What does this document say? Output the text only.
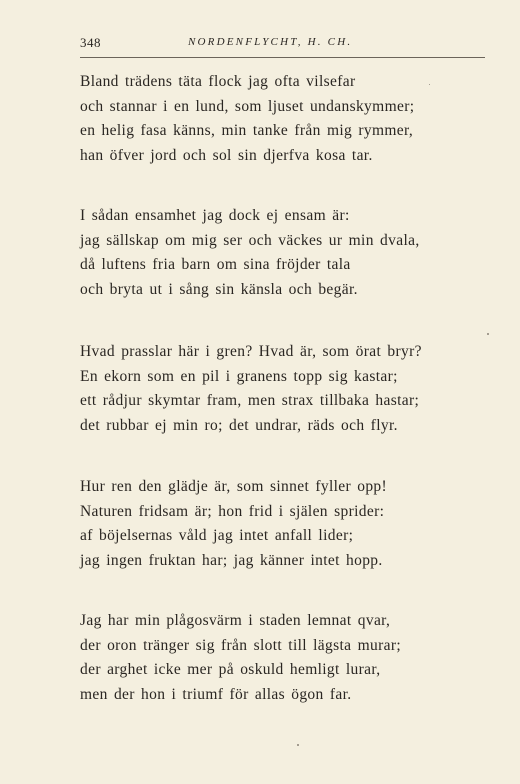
348	NORDENFLYCHT, H. CH.
Bland trädens täta flock jag ofta vilsefar
och stannar i en lund, som ljuset undanskymmer;
en helig fasa känns, min tanke från mig rymmer,
han öfver jord och sol sin djerfva kosa tar.
I sådan ensamhet jag dock ej ensam är:
jag sällskap om mig ser och väckes ur min dvala,
då luftens fria barn om sina fröjder tala
och bryta ut i sång sin känsla och begär.
Hvad prasslar här i gren? Hvad är, som örat bryr?
En ekorn som en pil i granens topp sig kastar;
ett rådjur skymtar fram, men strax tillbaka hastar;
det rubbar ej min ro; det undrar, räds och flyr.
Hur ren den glädje är, som sinnet fyller opp!
Naturen fridsam är; hon frid i själen sprider:
af böjelsernas våld jag intet anfall lider;
jag ingen fruktan har; jag känner intet hopp.
Jag har min plågosvärm i staden lemnat qvar,
der oron tränger sig från slott till lägsta murar;
der arghet icke mer på oskuld hemligt lurar,
men der hon i triumf för allas ögon far.
